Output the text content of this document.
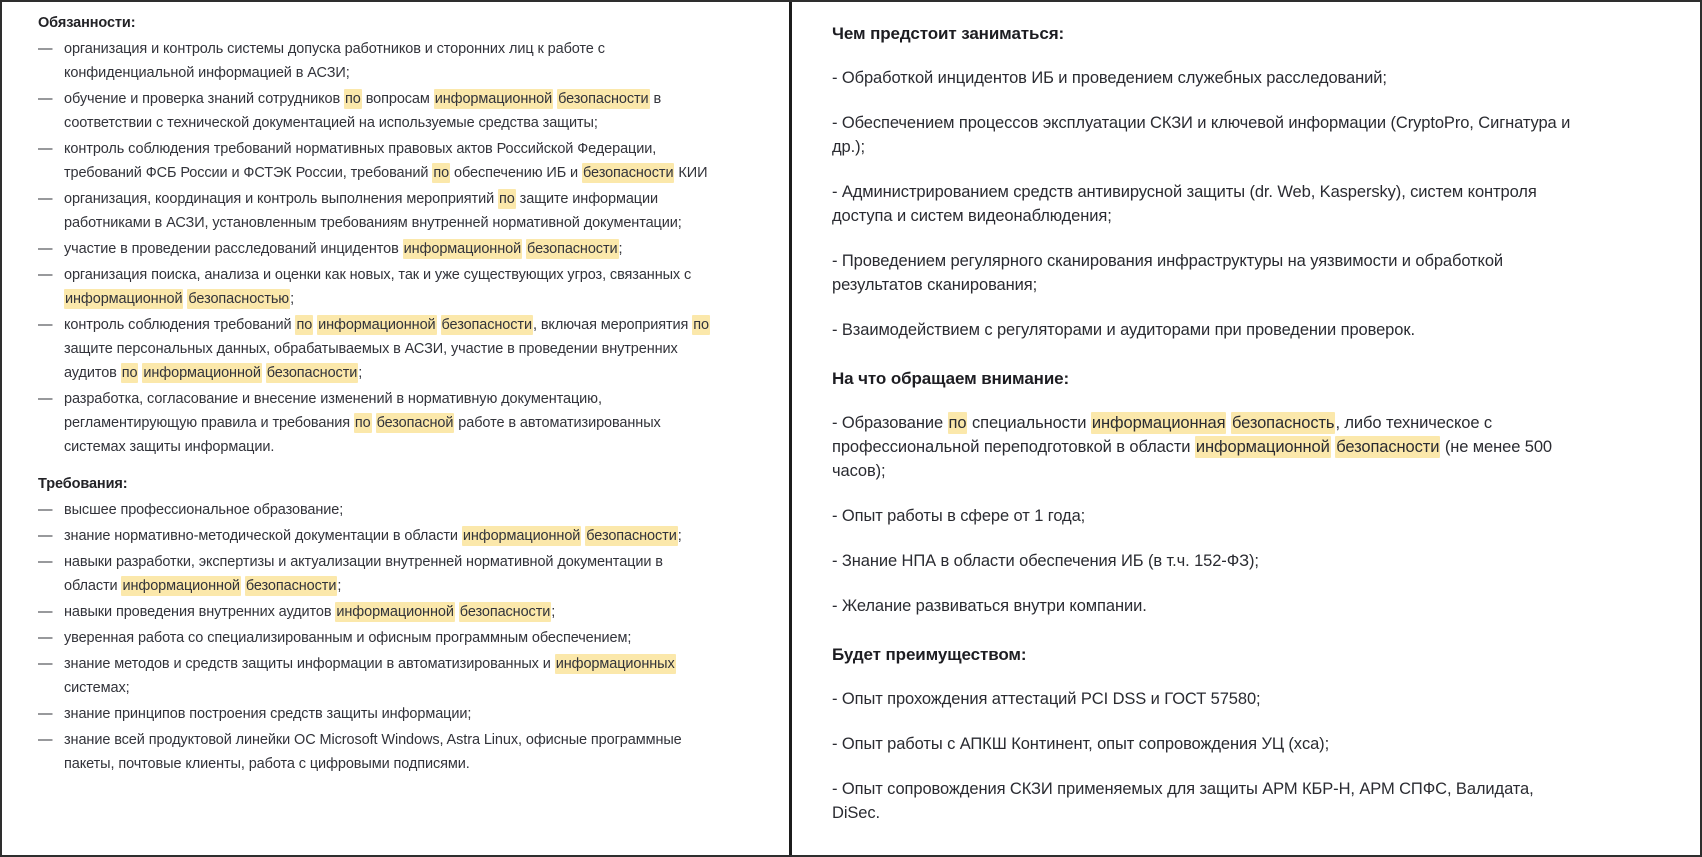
Обязанности:
— организация и контроль системы допуска работников и сторонних лиц к работе с конфиденциальной информацией в АСЗИ;
— обучение и проверка знаний сотрудников по вопросам информационной безопасности в соответствии с технической документацией на используемые средства защиты;
— контроль соблюдения требований нормативных правовых актов Российской Федерации, требований ФСБ России и ФСТЭК России, требований по обеспечению ИБ и безопасности КИИ
— организация, координация и контроль выполнения мероприятий по защите информации работниками в АСЗИ, установленным требованиям внутренней нормативной документации;
— участие в проведении расследований инцидентов информационной безопасности;
— организация поиска, анализа и оценки как новых, так и уже существующих угроз, связанных с информационной безопасностью;
— контроль соблюдения требований по информационной безопасности, включая мероприятия по защите персональных данных, обрабатываемых в АСЗИ, участие в проведении внутренних аудитов по информационной безопасности;
— разработка, согласование и внесение изменений в нормативную документацию, регламентирующую правила и требования по безопасной работе в автоматизированных системах защиты информации.
Требования:
— высшее профессиональное образование;
— знание нормативно-методической документации в области информационной безопасности;
— навыки разработки, экспертизы и актуализации внутренней нормативной документации в области информационной безопасности;
— навыки проведения внутренних аудитов информационной безопасности;
— уверенная работа со специализированным и офисным программным обеспечением;
— знание методов и средств защиты информации в автоматизированных и информационных системах;
— знание принципов построения средств защиты информации;
— знание всей продуктовой линейки ОС Microsoft Windows, Astra Linux, офисные программные пакеты, почтовые клиенты, работа с цифровыми подписями.
Чем предстоит заниматься:

- Обработкой инцидентов ИБ и проведением служебных расследований;

- Обеспечением процессов эксплуатации СКЗИ и ключевой информации (CryptoPro, Сигнатура и др.);

- Администрированием средств антивирусной защиты (dr. Web, Kaspersky), систем контроля доступа и систем видеонаблюдения;

- Проведением регулярного сканирования инфраструктуры на уязвимости и обработкой результатов сканирования;

- Взаимодействием с регуляторами и аудиторами при проведении проверок.

На что обращаем внимание:

- Образование по специальности информационная безопасность, либо техническое с профессиональной переподготовкой в области информационной безопасности (не менее 500 часов);

- Опыт работы в сфере от 1 года;

- Знание НПА в области обеспечения ИБ (в т.ч. 152-ФЗ);

- Желание развиваться внутри компании.

Будет преимуществом:

- Опыт прохождения аттестаций PCI DSS и ГОСТ 57580;

- Опыт работы с АПКШ Континент, опыт сопровождения УЦ (xca);

- Опыт сопровождения СКЗИ применяемых для защиты АРМ КБР-Н, АРМ СПФС, Валидата, DiSec.
